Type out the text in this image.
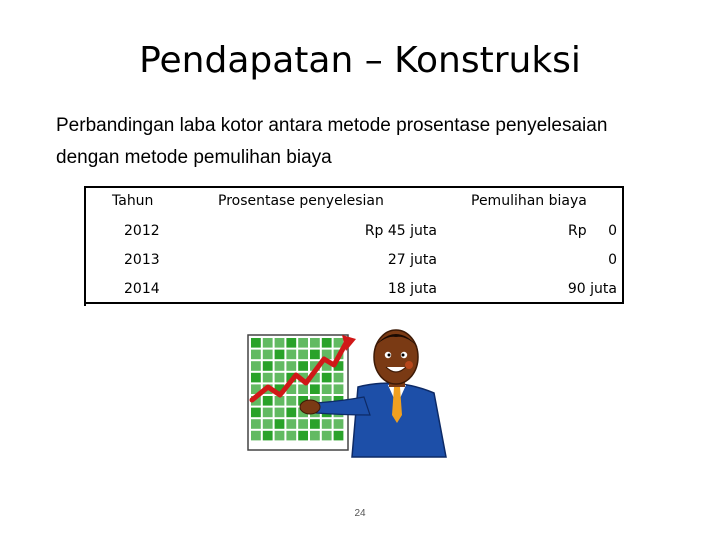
Pendapatan – Konstruksi
Perbandingan laba kotor antara metode prosentase penyelesaian dengan metode pemulihan biaya
Tahun	Prosentase penyelesian	Pemulihan biaya
2012	Rp 45 juta	Rp	0
2013	27 juta	0
2014	18 juta	90 juta
24
